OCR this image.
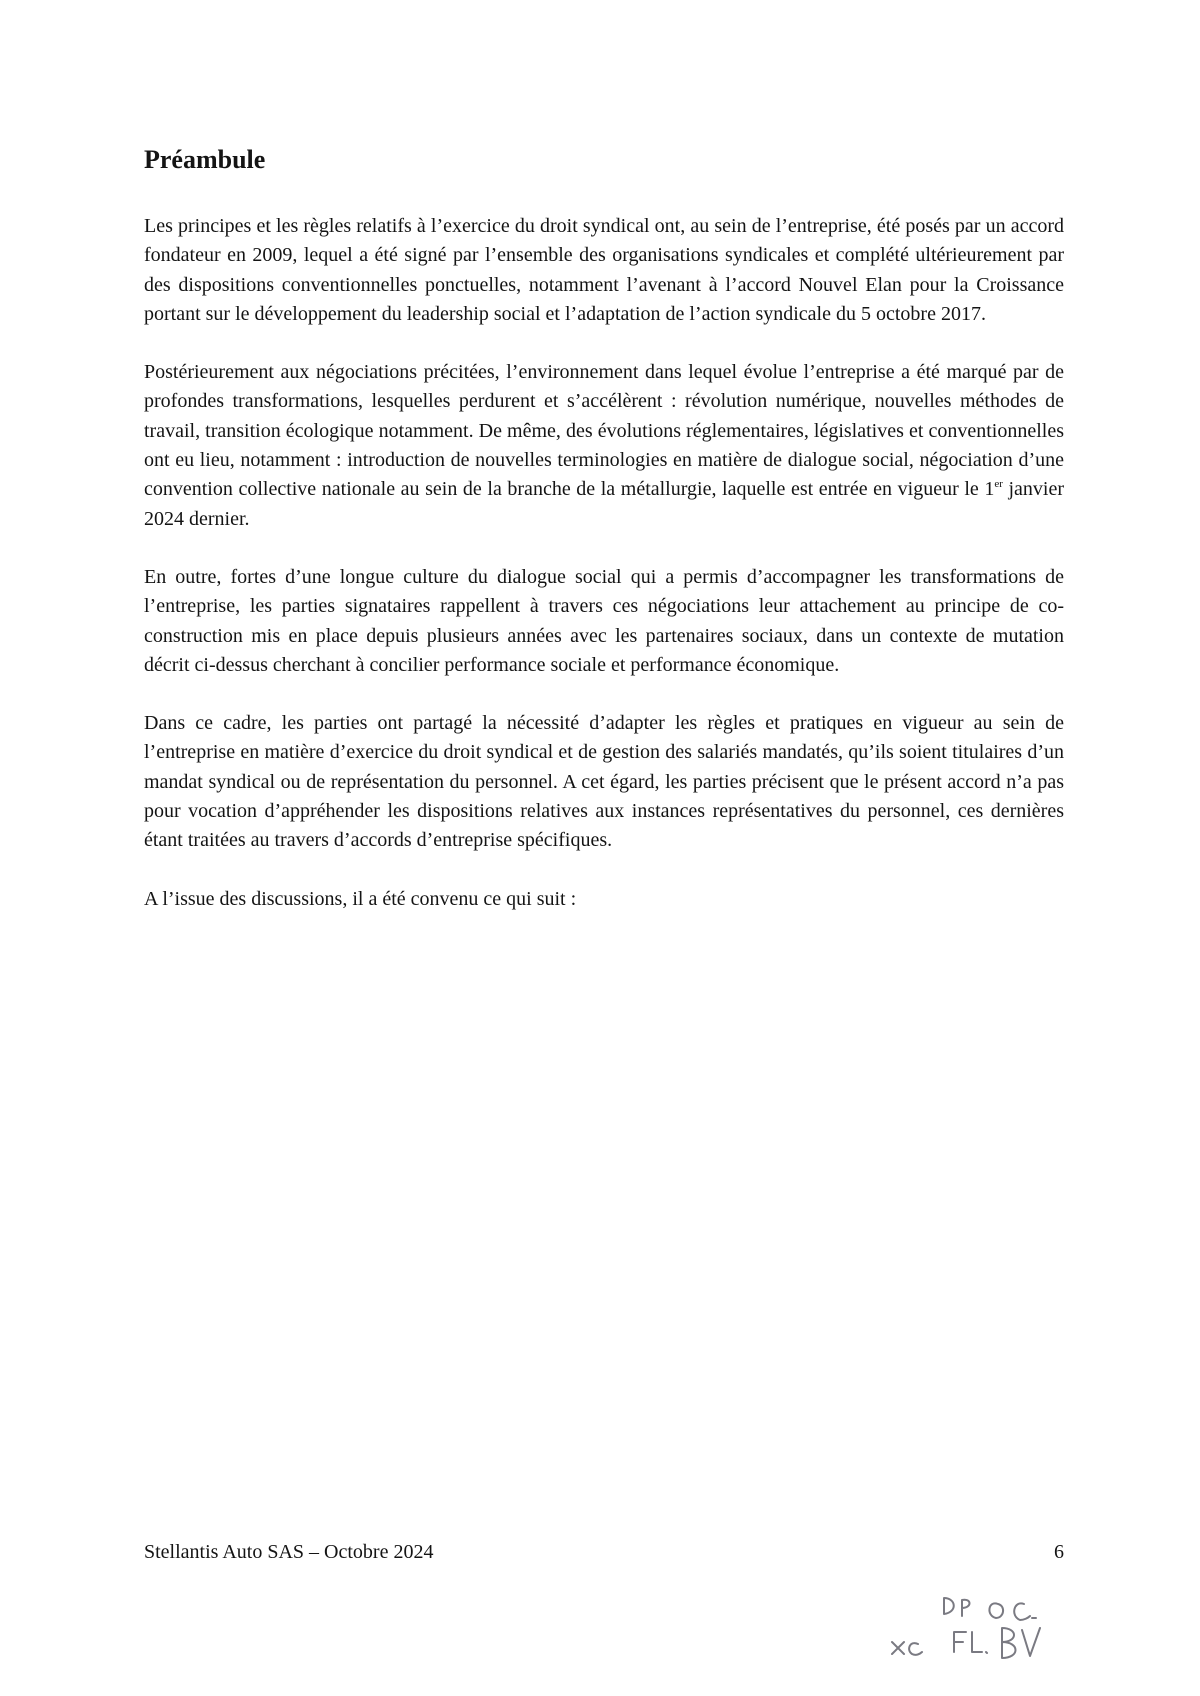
Préambule

Les principes et les règles relatifs à l’exercice du droit syndical ont, au sein de l’entreprise, été posés par un accord fondateur en 2009, lequel a été signé par l’ensemble des organisations syndicales et complété ultérieurement par des dispositions conventionnelles ponctuelles, notamment l’avenant à l’accord Nouvel Elan pour la Croissance portant sur le développement du leadership social et l’adaptation de l’action syndicale du 5 octobre 2017.

Postérieurement aux négociations précitées, l’environnement dans lequel évolue l’entreprise a été marqué par de profondes transformations, lesquelles perdurent et s’accélèrent : révolution numérique, nouvelles méthodes de travail, transition écologique notamment. De même, des évolutions réglementaires, législatives et conventionnelles ont eu lieu, notamment : introduction de nouvelles terminologies en matière de dialogue social, négociation d’une convention collective nationale au sein de la branche de la métallurgie, laquelle est entrée en vigueur le 1er janvier 2024 dernier.

En outre, fortes d’une longue culture du dialogue social qui a permis d’accompagner les transformations de l’entreprise, les parties signataires rappellent à travers ces négociations leur attachement au principe de co-construction mis en place depuis plusieurs années avec les partenaires sociaux, dans un contexte de mutation décrit ci-dessus cherchant à concilier performance sociale et performance économique.

Dans ce cadre, les parties ont partagé la nécessité d’adapter les règles et pratiques en vigueur au sein de l’entreprise en matière d’exercice du droit syndical et de gestion des salariés mandatés, qu’ils soient titulaires d’un mandat syndical ou de représentation du personnel. A cet égard, les parties précisent que le présent accord n’a pas pour vocation d’appréhender les dispositions relatives aux instances représentatives du personnel, ces dernières étant traitées au travers d’accords d’entreprise spécifiques.

A l’issue des discussions, il a été convenu ce qui suit :

Stellantis Auto SAS – Octobre 2024	6
